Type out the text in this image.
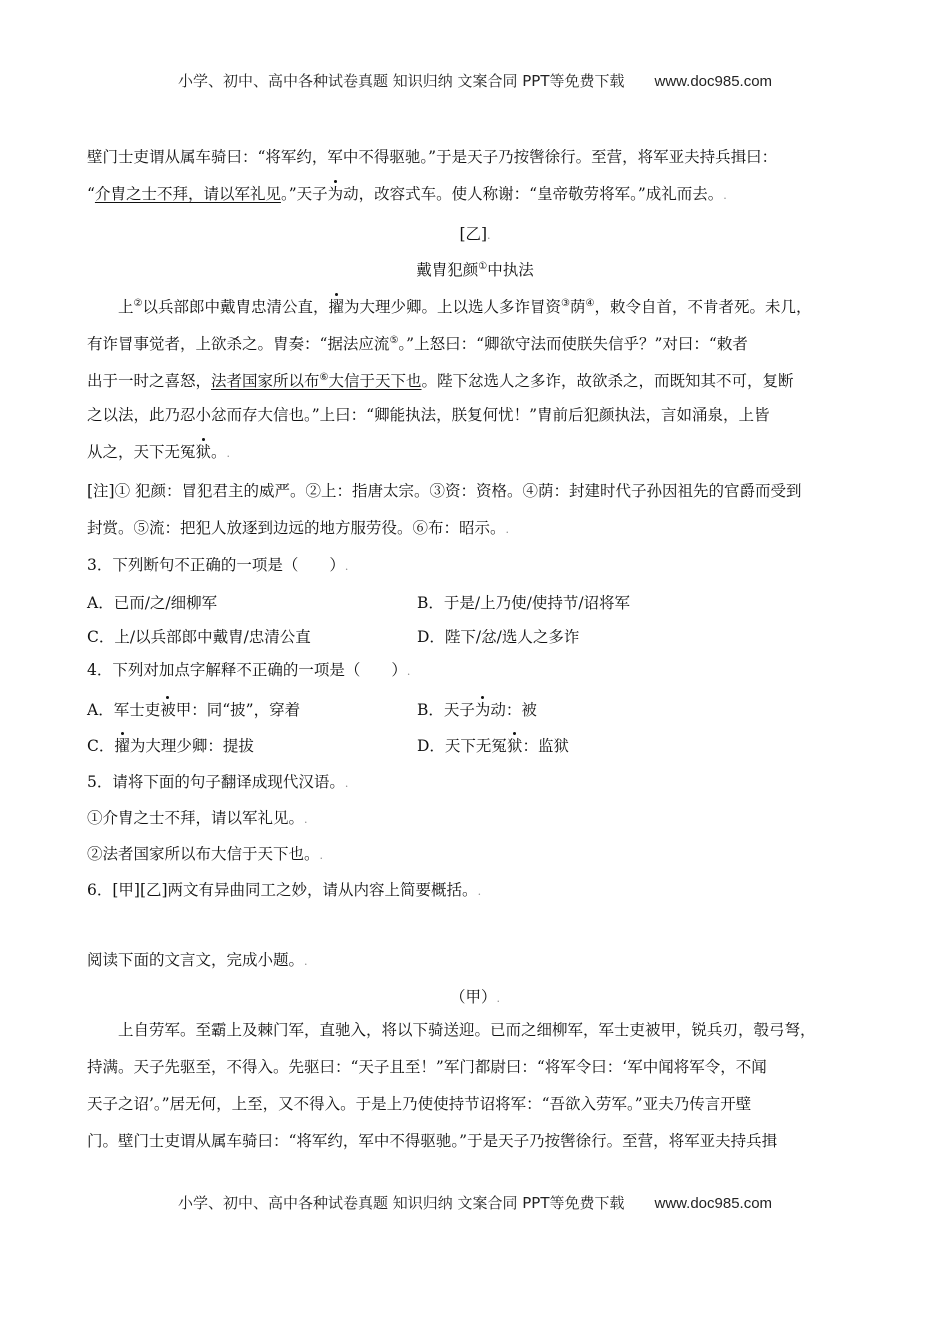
小学、初中、高中各种试卷真题 知识归纳 文案合同 PPT等免费下载 www.doc985.com
壁门士吏谓从属车骑曰：“将军约，军中不得驱驰。”于是天子乃按辔徐行。至营，将军亚夫持兵揖曰：
“介胄之士不拜，请以军礼见。”天子为动，改容式车。使人称谢：“皇帝敬劳将军。”成礼而去。.
[乙].
戴胄犯颜①中执法
上②以兵部郎中戴胄忠清公直，擢为大理少卿。上以选人多诈冒资③荫④，敕令自首，不肯者死。未几，
有诈冒事觉者，上欲杀之。胄奏：“据法应流⑤。”上怒曰：“卿欲守法而使朕失信乎？”对曰：“敕者
出于一时之喜怒，法者国家所以布⑥大信于天下也。陛下忿选人之多诈，故欲杀之，而既知其不可，复断
之以法，此乃忍小忿而存大信也。”上曰：“卿能执法，朕复何忧！”胄前后犯颜执法，言如涌泉，上皆
从之，天下无冤狱。.
[注]① 犯颜：冒犯君主的威严。②上：指唐太宗。③资：资格。④荫：封建时代子孙因祖先的官爵而受到
封赏。⑤流：把犯人放逐到边远的地方服劳役。⑥布：昭示。.
3．下列断句不正确的一项是（　　）.
A．已而/之/细柳军	B．于是/上乃使/使持节/诏将军
C．上/以兵部郎中戴胄/忠清公直	D．陛下/忿/选人之多诈
4．下列对加点字解释不正确的一项是（　　）.
A．军士吏被甲：同“披”，穿着	B．天子为动：被
C．擢为大理少卿：提拔	D．天下无冤狱：监狱
5．请将下面的句子翻译成现代汉语。.
①介胄之士不拜，请以军礼见。.
②法者国家所以布大信于天下也。.
6．[甲][乙]两文有异曲同工之妙，请从内容上简要概括。.
阅读下面的文言文，完成小题。.
（甲）.
上自劳军。至霸上及棘门军，直驰入，将以下骑送迎。已而之细柳军，军士吏被甲，锐兵刃，彀弓弩，
持满。天子先驱至，不得入。先驱曰：“天子且至！”军门都尉曰：“将军令曰：‘军中闻将军令，不闻
天子之诏’。”居无何，上至，又不得入。于是上乃使使持节诏将军：“吾欲入劳军。”亚夫乃传言开壁
门。壁门士吏谓从属车骑曰：“将军约，军中不得驱驰。”于是天子乃按辔徐行。至营，将军亚夫持兵揖
小学、初中、高中各种试卷真题 知识归纳 文案合同 PPT等免费下载 www.doc985.com
